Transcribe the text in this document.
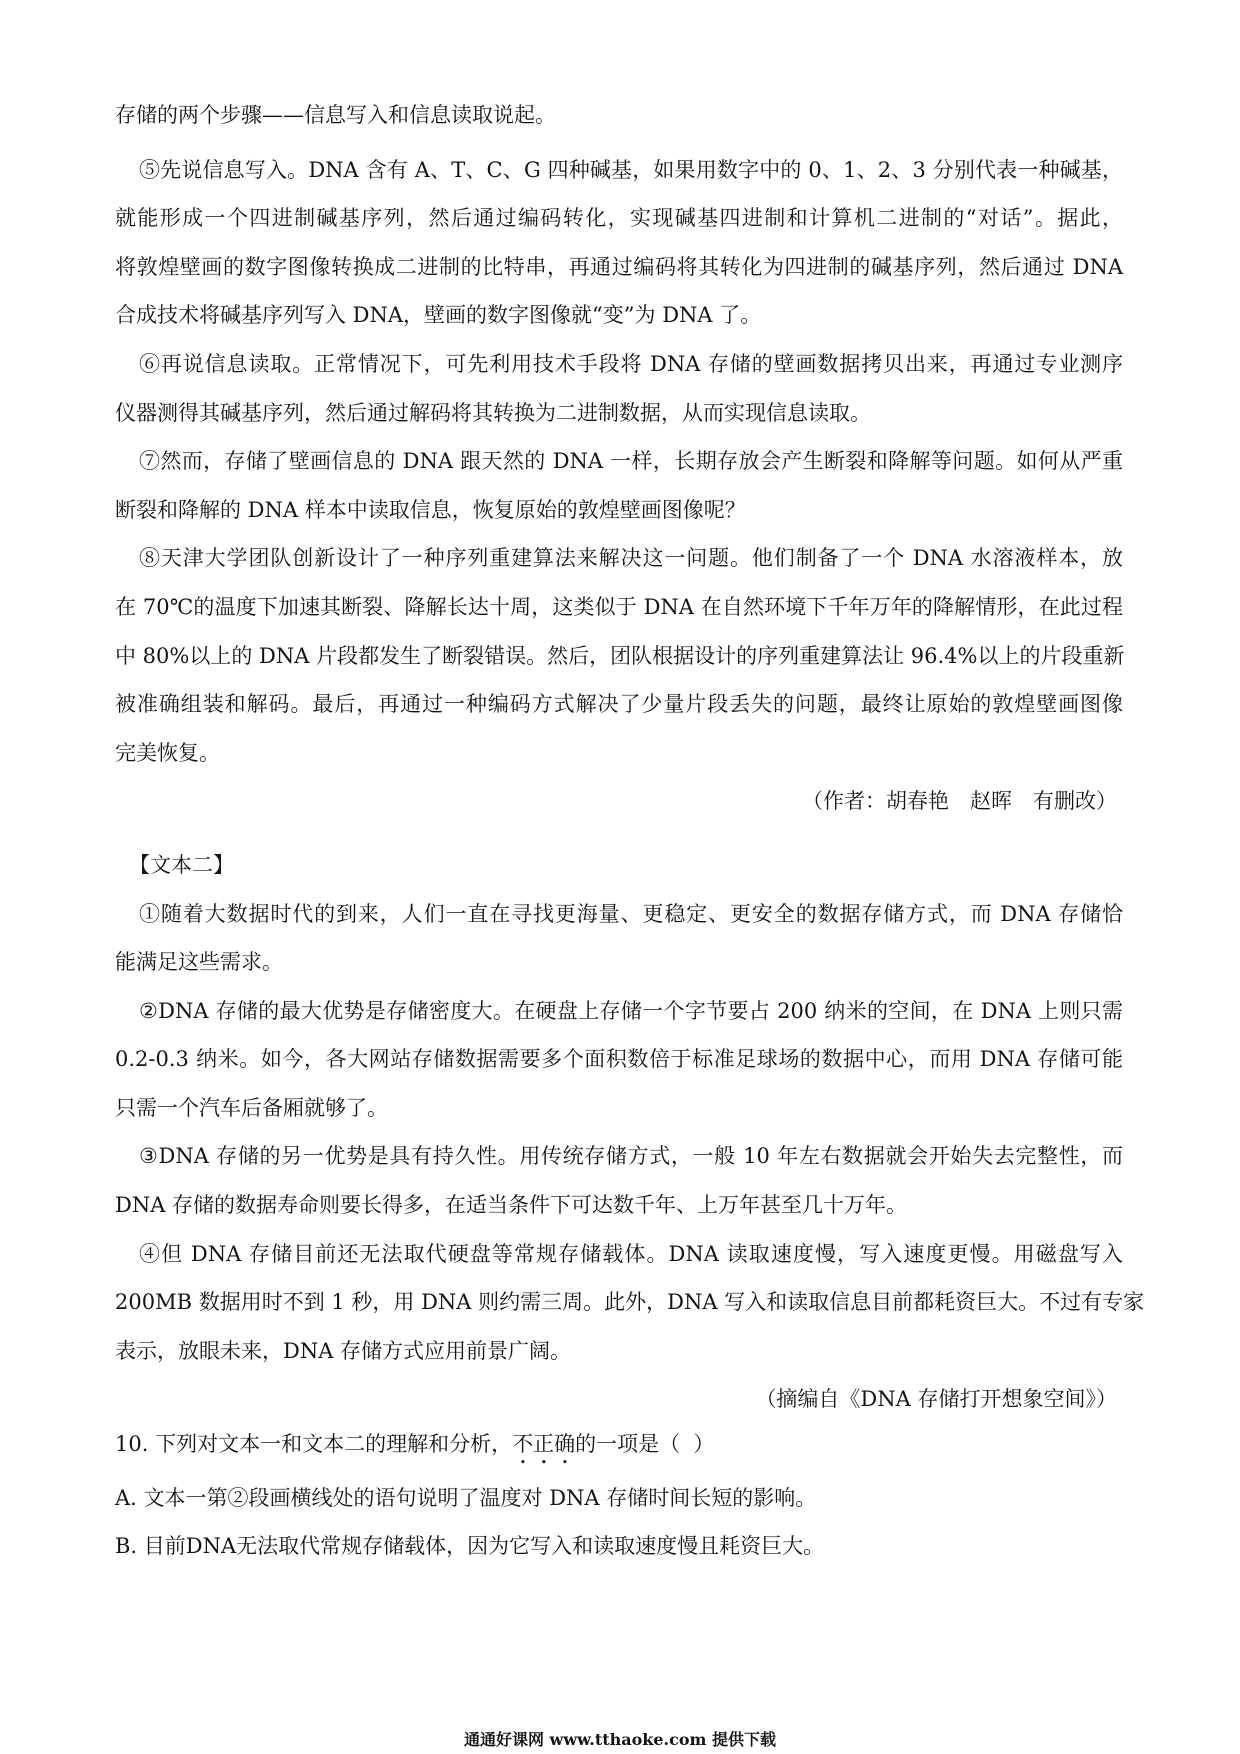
存储的两个步骤——信息写入和信息读取说起。
⑤先说信息写入。DNA 含有 A、T、C、G 四种碱基，如果用数字中的 0、1、2、3 分别代表一种碱基，
就能形成一个四进制碱基序列，然后通过编码转化，实现碱基四进制和计算机二进制的“对话”。据此，
将敦煌壁画的数字图像转换成二进制的比特串，再通过编码将其转化为四进制的碱基序列，然后通过 DNA
合成技术将碱基序列写入 DNA，壁画的数字图像就“变”为 DNA 了。
⑥再说信息读取。正常情况下，可先利用技术手段将 DNA 存储的壁画数据拷贝出来，再通过专业测序
仪器测得其碱基序列，然后通过解码将其转换为二进制数据，从而实现信息读取。
⑦然而，存储了壁画信息的 DNA 跟天然的 DNA 一样，长期存放会产生断裂和降解等问题。如何从严重
断裂和降解的 DNA 样本中读取信息，恢复原始的敦煌壁画图像呢？
⑧天津大学团队创新设计了一种序列重建算法来解决这一问题。他们制备了一个 DNA 水溶液样本，放
在 70℃的温度下加速其断裂、降解长达十周，这类似于 DNA 在自然环境下千年万年的降解情形，在此过程
中 80%以上的 DNA 片段都发生了断裂错误。然后，团队根据设计的序列重建算法让 96.4%以上的片段重新
被准确组装和解码。最后，再通过一种编码方式解决了少量片段丢失的问题，最终让原始的敦煌壁画图像
完美恢复。
（作者：胡春艳　赵晖　有删改）
【文本二】
①随着大数据时代的到来，人们一直在寻找更海量、更稳定、更安全的数据存储方式，而 DNA 存储恰
能满足这些需求。
②DNA 存储的最大优势是存储密度大。在硬盘上存储一个字节要占 200 纳米的空间，在 DNA 上则只需
0.2-0.3 纳米。如今，各大网站存储数据需要多个面积数倍于标准足球场的数据中心，而用 DNA 存储可能
只需一个汽车后备厢就够了。
③DNA 存储的另一优势是具有持久性。用传统存储方式，一般 10 年左右数据就会开始失去完整性，而
DNA 存储的数据寿命则要长得多，在适当条件下可达数千年、上万年甚至几十万年。
④但 DNA 存储目前还无法取代硬盘等常规存储载体。DNA 读取速度慢，写入速度更慢。用磁盘写入
200MB 数据用时不到 1 秒，用 DNA 则约需三周。此外，DNA 写入和读取信息目前都耗资巨大。不过有专家
表示，放眼未来，DNA 存储方式应用前景广阔。
（摘编自《DNA 存储打开想象空间》）
10. 下列对文本一和文本二的理解和分析，不正确的一项是（  ）
A. 文本一第②段画横线处的语句说明了温度对 DNA 存储时间长短的影响。
B. 目前DNA无法取代常规存储载体，因为它写入和读取速度慢且耗资巨大。
通通好课网 www.tthaoke.com 提供下载
